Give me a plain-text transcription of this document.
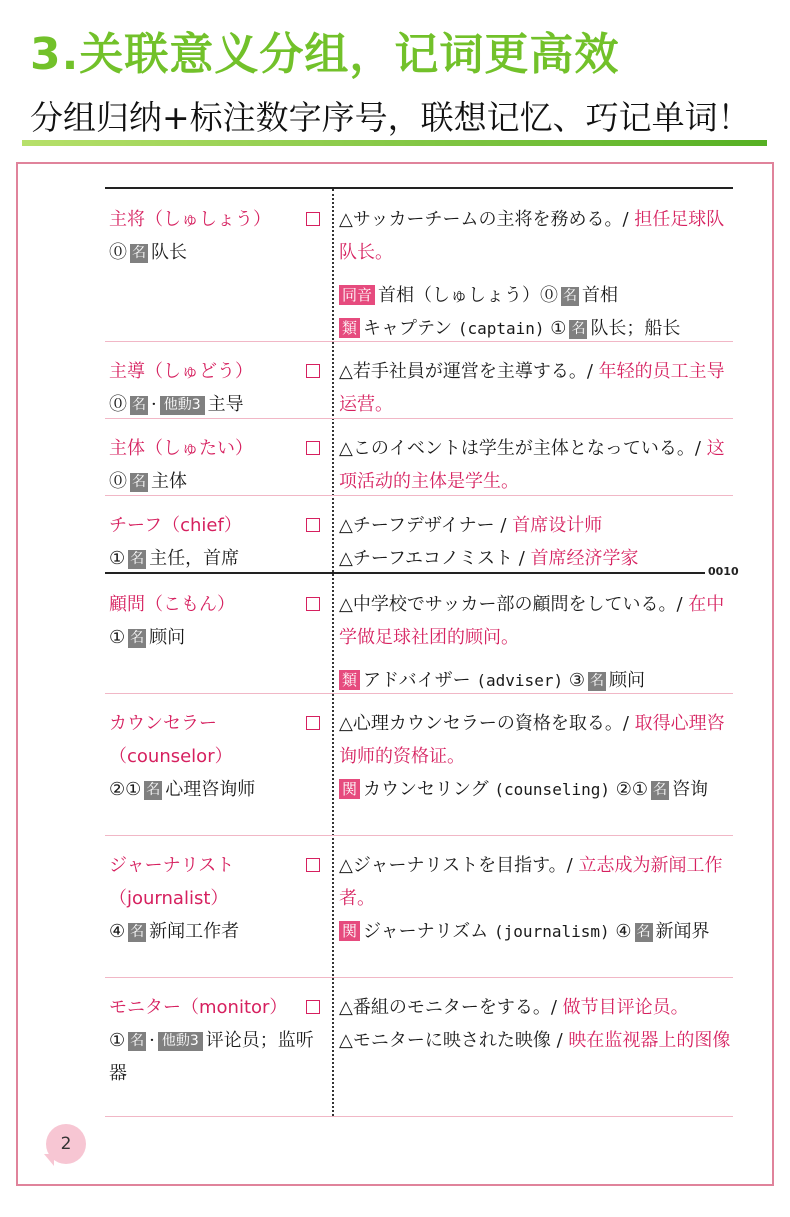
3.关联意义分组，记词更高效
分组归纳+标注数字序号，联想记忆、巧记单词！
0010
主将（しゅしょう）
⓪ 名 队长

△サッカーチームの主将を務める。/ 担任足球队队长。

同音 首相（しゅしょう）⓪ 名 首相

類 キャプテン (captain) ① 名 队长；船长

主導（しゅどう）
⓪ 名 · 他動3 主导

△若手社員が運営を主導する。/ 年轻的员工主导运营。

主体（しゅたい）
⓪ 名 主体

△このイベントは学生が主体となっている。/ 这项活动的主体是学生。

チーフ（chief）
① 名 主任，首席

△チーフデザイナー / 首席设计师

△チーフエコノミスト / 首席经济学家

顧問（こもん）
① 名 顾问

△中学校でサッカー部の顧問をしている。/ 在中学做足球社团的顾问。

類 アドバイザー (adviser) ③ 名 顾问

カウンセラー
（counselor）
②① 名 心理咨询师

△心理カウンセラーの資格を取る。/ 取得心理咨询师的资格证。

関 カウンセリング (counseling) ②① 名 咨询

ジャーナリスト
（journalist）
④ 名 新闻工作者

△ジャーナリストを目指す。/ 立志成为新闻工作者。

関 ジャーナリズム (journalism) ④ 名 新闻界

モニター（monitor）
① 名 · 他動3 评论员；监听器

△番組のモニターをする。/ 做节目评论员。

△モニターに映された映像 / 映在监视器上的图像

2
